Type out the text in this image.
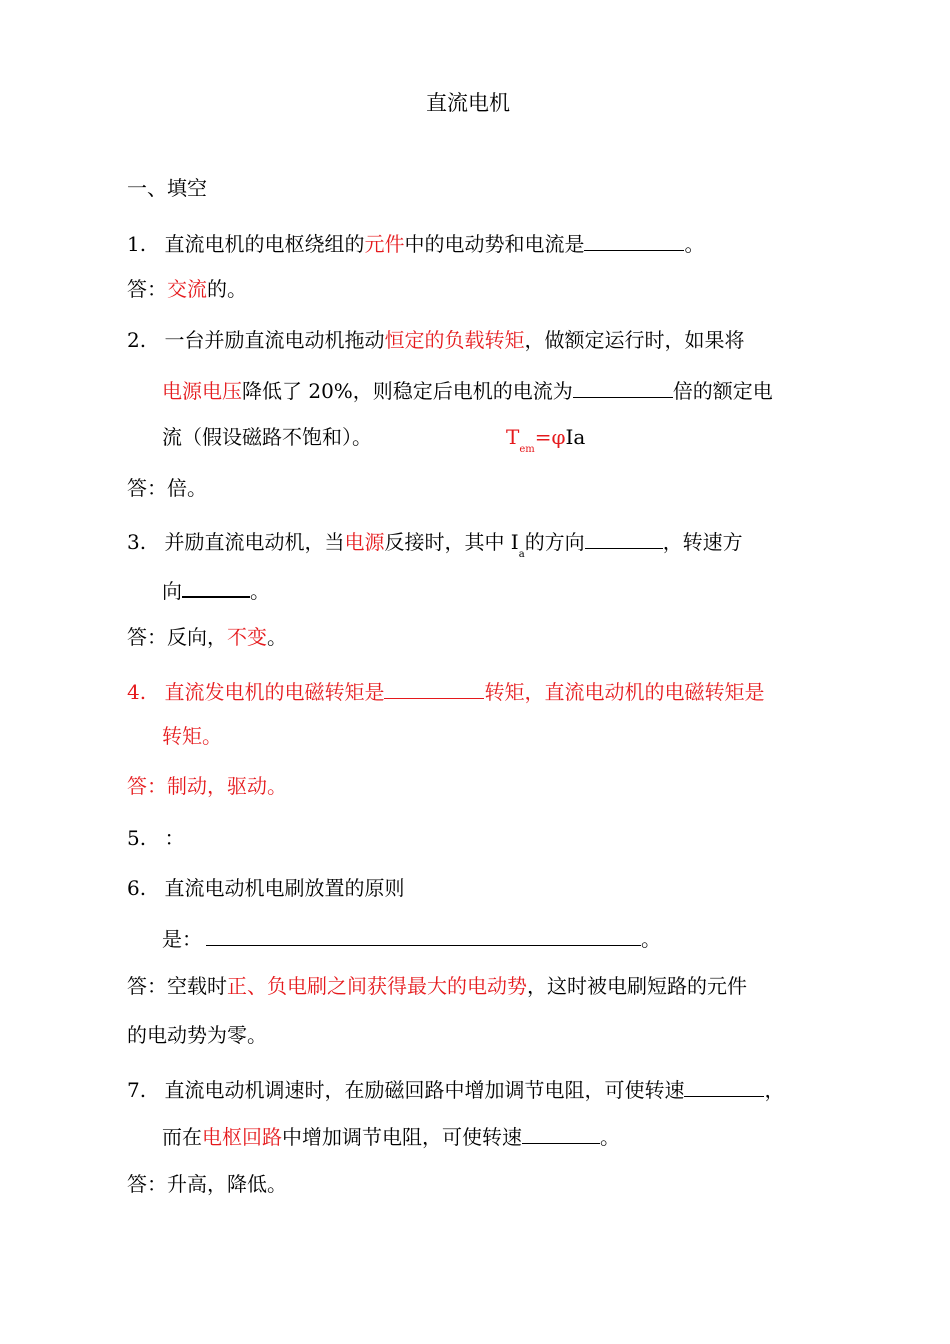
直流电机
一、填空
1. 直流电机的电枢绕组的元件中的电动势和电流是	。
答：交流的。
2. 一台并励直流电动机拖动恒定的负载转矩，做额定运行时，如果将
电源电压降低了 20%，则稳定后电机的电流为	倍的额定电
流（假设磁路不饱和）。	$T_{em}=\varphi Ia$
答：倍。
3. 并励直流电动机，当电源反接时，其中 $I_a$的方向	，转速方
向	。
答：反向，不变。
4. 直流发电机的电磁转矩是	转矩，直流电动机的电磁转矩是
转矩。
答：制动，驱动。
5. ：
6. 直流电动机电刷放置的原则
是：	。
答：空载时正、负电刷之间获得最大的电动势，这时被电刷短路的元件
的电动势为零。
7. 直流电动机调速时，在励磁回路中增加调节电阻，可使转速	，
而在电枢回路中增加调节电阻，可使转速	。
答：升高，降低。
